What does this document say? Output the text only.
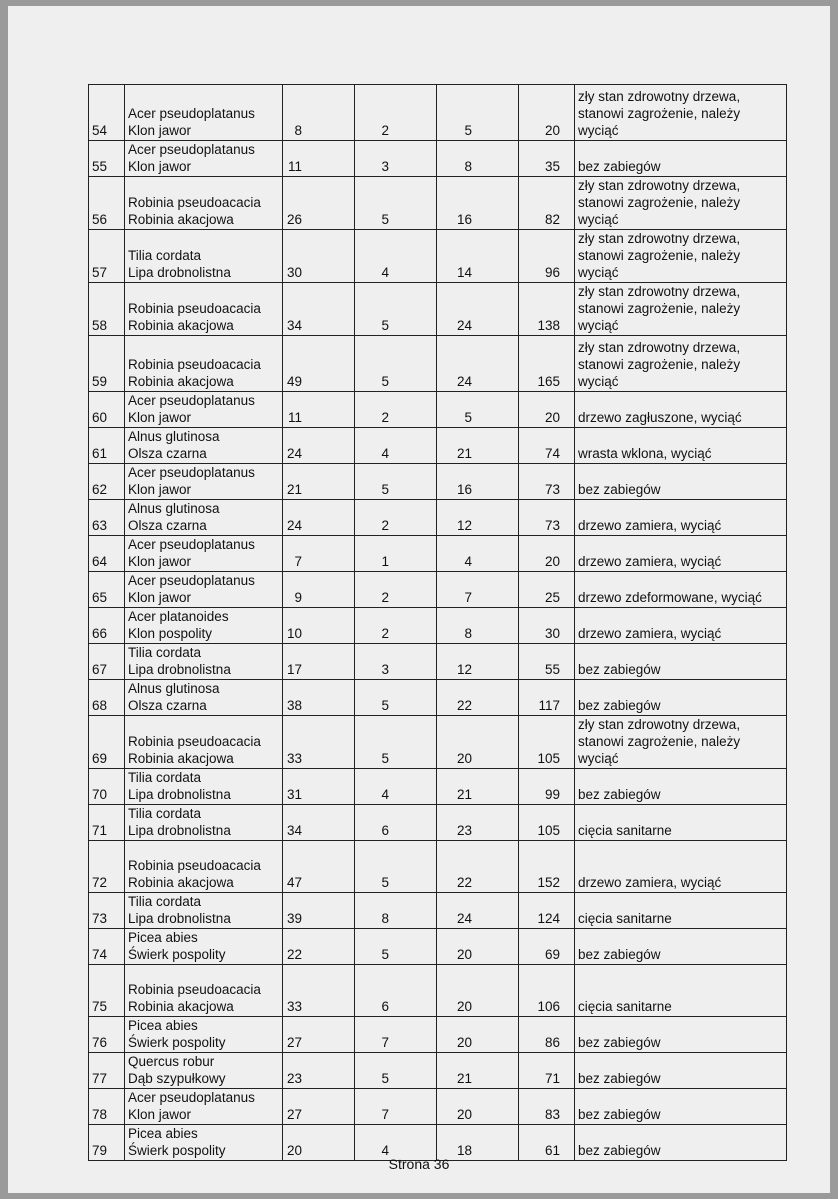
54	Acer pseudoplatanus
Klon jawor	8	2	5	20	zły stan zdrowotny drzewa,
stanowi zagrożenie, należy
wyciąć

55	Acer pseudoplatanus
Klon jawor	11	3	8	35	bez zabiegów

56	Robinia pseudoacacia
Robinia akacjowa	26	5	16	82	zły stan zdrowotny drzewa,
stanowi zagrożenie, należy
wyciąć

57	Tilia cordata
Lipa drobnolistna	30	4	14	96	zły stan zdrowotny drzewa,
stanowi zagrożenie, należy
wyciąć

58	Robinia pseudoacacia
Robinia akacjowa	34	5	24	138	zły stan zdrowotny drzewa,
stanowi zagrożenie, należy
wyciąć

59	Robinia pseudoacacia
Robinia akacjowa	49	5	24	165	zły stan zdrowotny drzewa,
stanowi zagrożenie, należy
wyciąć

60	Acer pseudoplatanus
Klon jawor	11	2	5	20	drzewo zagłuszone, wyciąć

61	Alnus glutinosa
Olsza czarna	24	4	21	74	wrasta wklona, wyciąć

62	Acer pseudoplatanus
Klon jawor	21	5	16	73	bez zabiegów

63	Alnus glutinosa
Olsza czarna	24	2	12	73	drzewo zamiera, wyciąć

64	Acer pseudoplatanus
Klon jawor	7	1	4	20	drzewo zamiera, wyciąć

65	Acer pseudoplatanus
Klon jawor	9	2	7	25	drzewo zdeformowane, wyciąć

66	Acer platanoides
Klon pospolity	10	2	8	30	drzewo zamiera, wyciąć

67	Tilia cordata
Lipa drobnolistna	17	3	12	55	bez zabiegów

68	Alnus glutinosa
Olsza czarna	38	5	22	117	bez zabiegów

69	Robinia pseudoacacia
Robinia akacjowa	33	5	20	105	zły stan zdrowotny drzewa,
stanowi zagrożenie, należy
wyciąć

70	Tilia cordata
Lipa drobnolistna	31	4	21	99	bez zabiegów

71	Tilia cordata
Lipa drobnolistna	34	6	23	105	cięcia sanitarne

72	Robinia pseudoacacia
Robinia akacjowa	47	5	22	152	drzewo zamiera, wyciąć

73	Tilia cordata
Lipa drobnolistna	39	8	24	124	cięcia sanitarne

74	Picea abies
Świerk pospolity	22	5	20	69	bez zabiegów

75	Robinia pseudoacacia
Robinia akacjowa	33	6	20	106	cięcia sanitarne

76	Picea abies
Świerk pospolity	27	7	20	86	bez zabiegów

77	Quercus robur
Dąb szypułkowy	23	5	21	71	bez zabiegów

78	Acer pseudoplatanus
Klon jawor	27	7	20	83	bez zabiegów

79	Picea abies
Świerk pospolity	20	4	18	61	bez zabiegów
Strona 36
